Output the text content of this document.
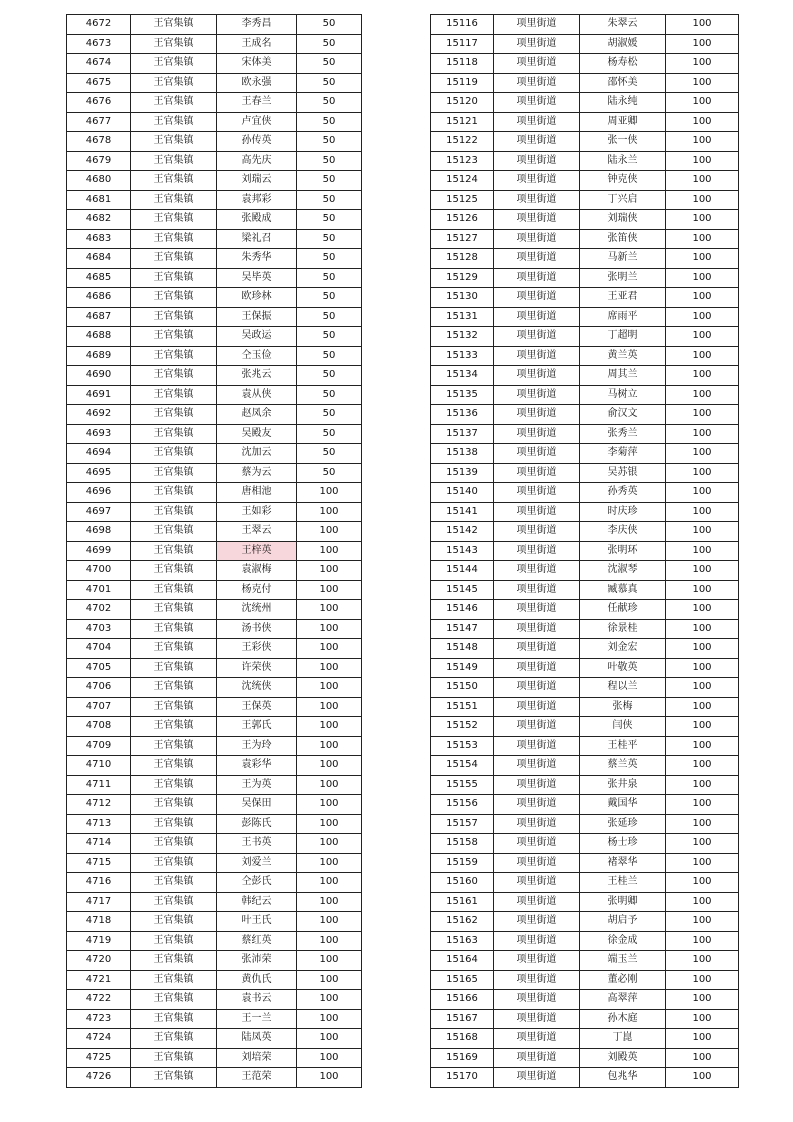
4672	王官集镇	李秀昌	50
4673	王官集镇	王成名	50
4674	王官集镇	宋体美	50
4675	王官集镇	欧永强	50
4676	王官集镇	王春兰	50
4677	王官集镇	卢宜侠	50
4678	王官集镇	孙传英	50
4679	王官集镇	高先庆	50
4680	王官集镇	刘瑞云	50
4681	王官集镇	袁邦彩	50
4682	王官集镇	张殿成	50
4683	王官集镇	梁礼召	50
4684	王官集镇	朱秀华	50
4685	王官集镇	吴毕英	50
4686	王官集镇	欧珍林	50
4687	王官集镇	王保振	50
4688	王官集镇	吴政运	50
4689	王官集镇	仝玉俭	50
4690	王官集镇	张兆云	50
4691	王官集镇	袁从侠	50
4692	王官集镇	赵凤余	50
4693	王官集镇	吴殿友	50
4694	王官集镇	沈加云	50
4695	王官集镇	蔡为云	50
4696	王官集镇	唐相池	100
4697	王官集镇	王如彩	100
4698	王官集镇	王翠云	100
4699	王官集镇	王梓英	100
4700	王官集镇	袁淑梅	100
4701	王官集镇	杨克付	100
4702	王官集镇	沈统州	100
4703	王官集镇	汤书侠	100
4704	王官集镇	王彩侠	100
4705	王官集镇	许荣侠	100
4706	王官集镇	沈统侠	100
4707	王官集镇	王保英	100
4708	王官集镇	王郭氏	100
4709	王官集镇	王为玲	100
4710	王官集镇	袁彩华	100
4711	王官集镇	王为英	100
4712	王官集镇	吴保田	100
4713	王官集镇	彭陈氏	100
4714	王官集镇	王书英	100
4715	王官集镇	刘爱兰	100
4716	王官集镇	仝彭氏	100
4717	王官集镇	韩纪云	100
4718	王官集镇	叶王氏	100
4719	王官集镇	蔡红英	100
4720	王官集镇	张沛荣	100
4721	王官集镇	黄仇氏	100
4722	王官集镇	袁书云	100
4723	王官集镇	王一兰	100
4724	王官集镇	陆凤英	100
4725	王官集镇	刘培荣	100
4726	王官集镇	王范荣	100
15116	项里街道	朱翠云	100
15117	项里街道	胡淑媛	100
15118	项里街道	杨寿松	100
15119	项里街道	邵怀美	100
15120	项里街道	陆永纯	100
15121	项里街道	周亚卿	100
15122	项里街道	张一侠	100
15123	项里街道	陆永兰	100
15124	项里街道	钟克侠	100
15125	项里街道	丁兴启	100
15126	项里街道	刘瑞侠	100
15127	项里街道	张笛侠	100
15128	项里街道	马新兰	100
15129	项里街道	张明兰	100
15130	项里街道	王亚君	100
15131	项里街道	席雨平	100
15132	项里街道	丁超明	100
15133	项里街道	黄兰英	100
15134	项里街道	周其兰	100
15135	项里街道	马树立	100
15136	项里街道	俞汉文	100
15137	项里街道	张秀兰	100
15138	项里街道	李菊萍	100
15139	项里街道	吴苏银	100
15140	项里街道	孙秀英	100
15141	项里街道	时庆珍	100
15142	项里街道	李庆侠	100
15143	项里街道	张明环	100
15144	项里街道	沈淑琴	100
15145	项里街道	臧慕真	100
15146	项里街道	任献珍	100
15147	项里街道	徐景桂	100
15148	项里街道	刘金宏	100
15149	项里街道	叶敬英	100
15150	项里街道	程以兰	100
15151	项里街道	张梅	100
15152	项里街道	闫侠	100
15153	项里街道	王桂平	100
15154	项里街道	蔡兰英	100
15155	项里街道	张井泉	100
15156	项里街道	戴国华	100
15157	项里街道	张延珍	100
15158	项里街道	杨士珍	100
15159	项里街道	褚翠华	100
15160	项里街道	王桂兰	100
15161	项里街道	张明卿	100
15162	项里街道	胡启予	100
15163	项里街道	徐金成	100
15164	项里街道	端玉兰	100
15165	项里街道	董必刚	100
15166	项里街道	高翠萍	100
15167	项里街道	孙木庭	100
15168	项里街道	丁崑	100
15169	项里街道	刘殿英	100
15170	项里街道	包兆华	100
